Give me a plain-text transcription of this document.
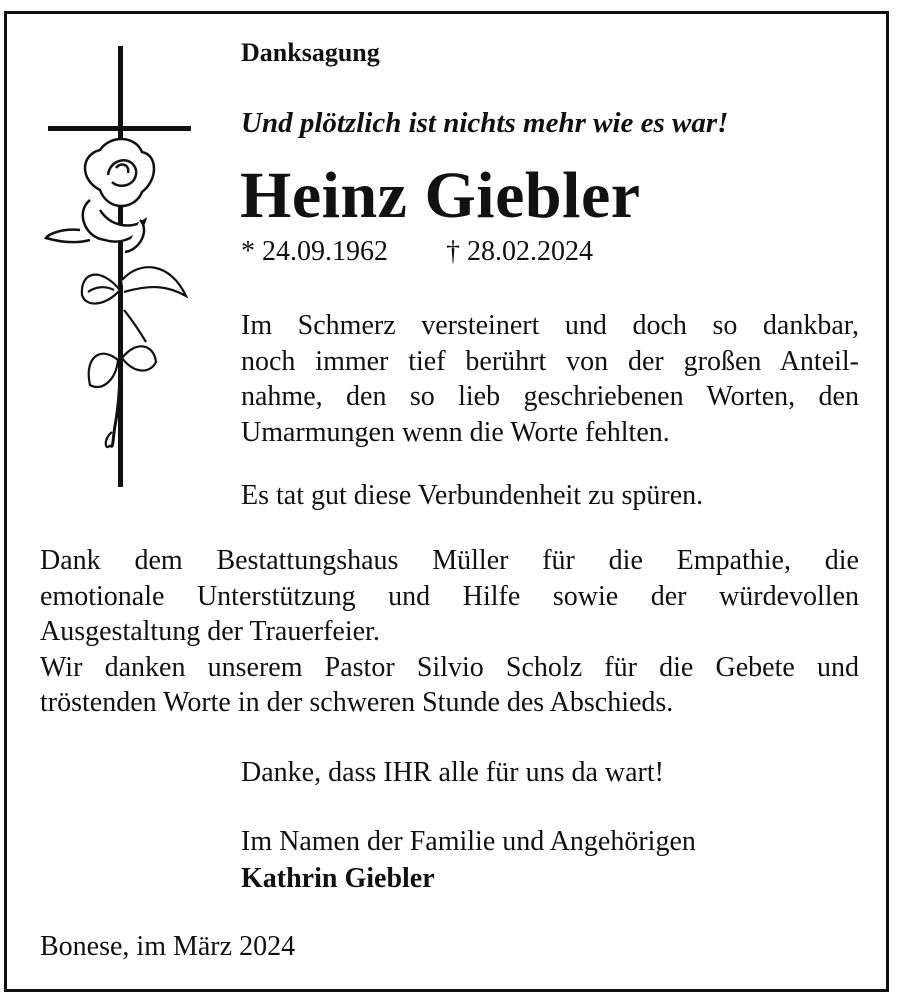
Danksagung
Und plötzlich ist nichts mehr wie es war!
Heinz Giebler
* 24.09.1962 † 28.02.2024
Im Schmerz versteinert und doch so dankbar,
noch immer tief berührt von der großen Anteil-
nahme, den so lieb geschriebenen Worten, den
Umarmungen wenn die Worte fehlten.
Es tat gut diese Verbundenheit zu spüren.
Dank dem Bestattungshaus Müller für die Empathie, die
emotionale Unterstützung und Hilfe sowie der würdevollen
Ausgestaltung der Trauerfeier.
Wir danken unserem Pastor Silvio Scholz für die Gebete und
tröstenden Worte in der schweren Stunde des Abschieds.
Danke, dass IHR alle für uns da wart!
Im Namen der Familie und Angehörigen
Kathrin Giebler
Bonese, im März 2024
